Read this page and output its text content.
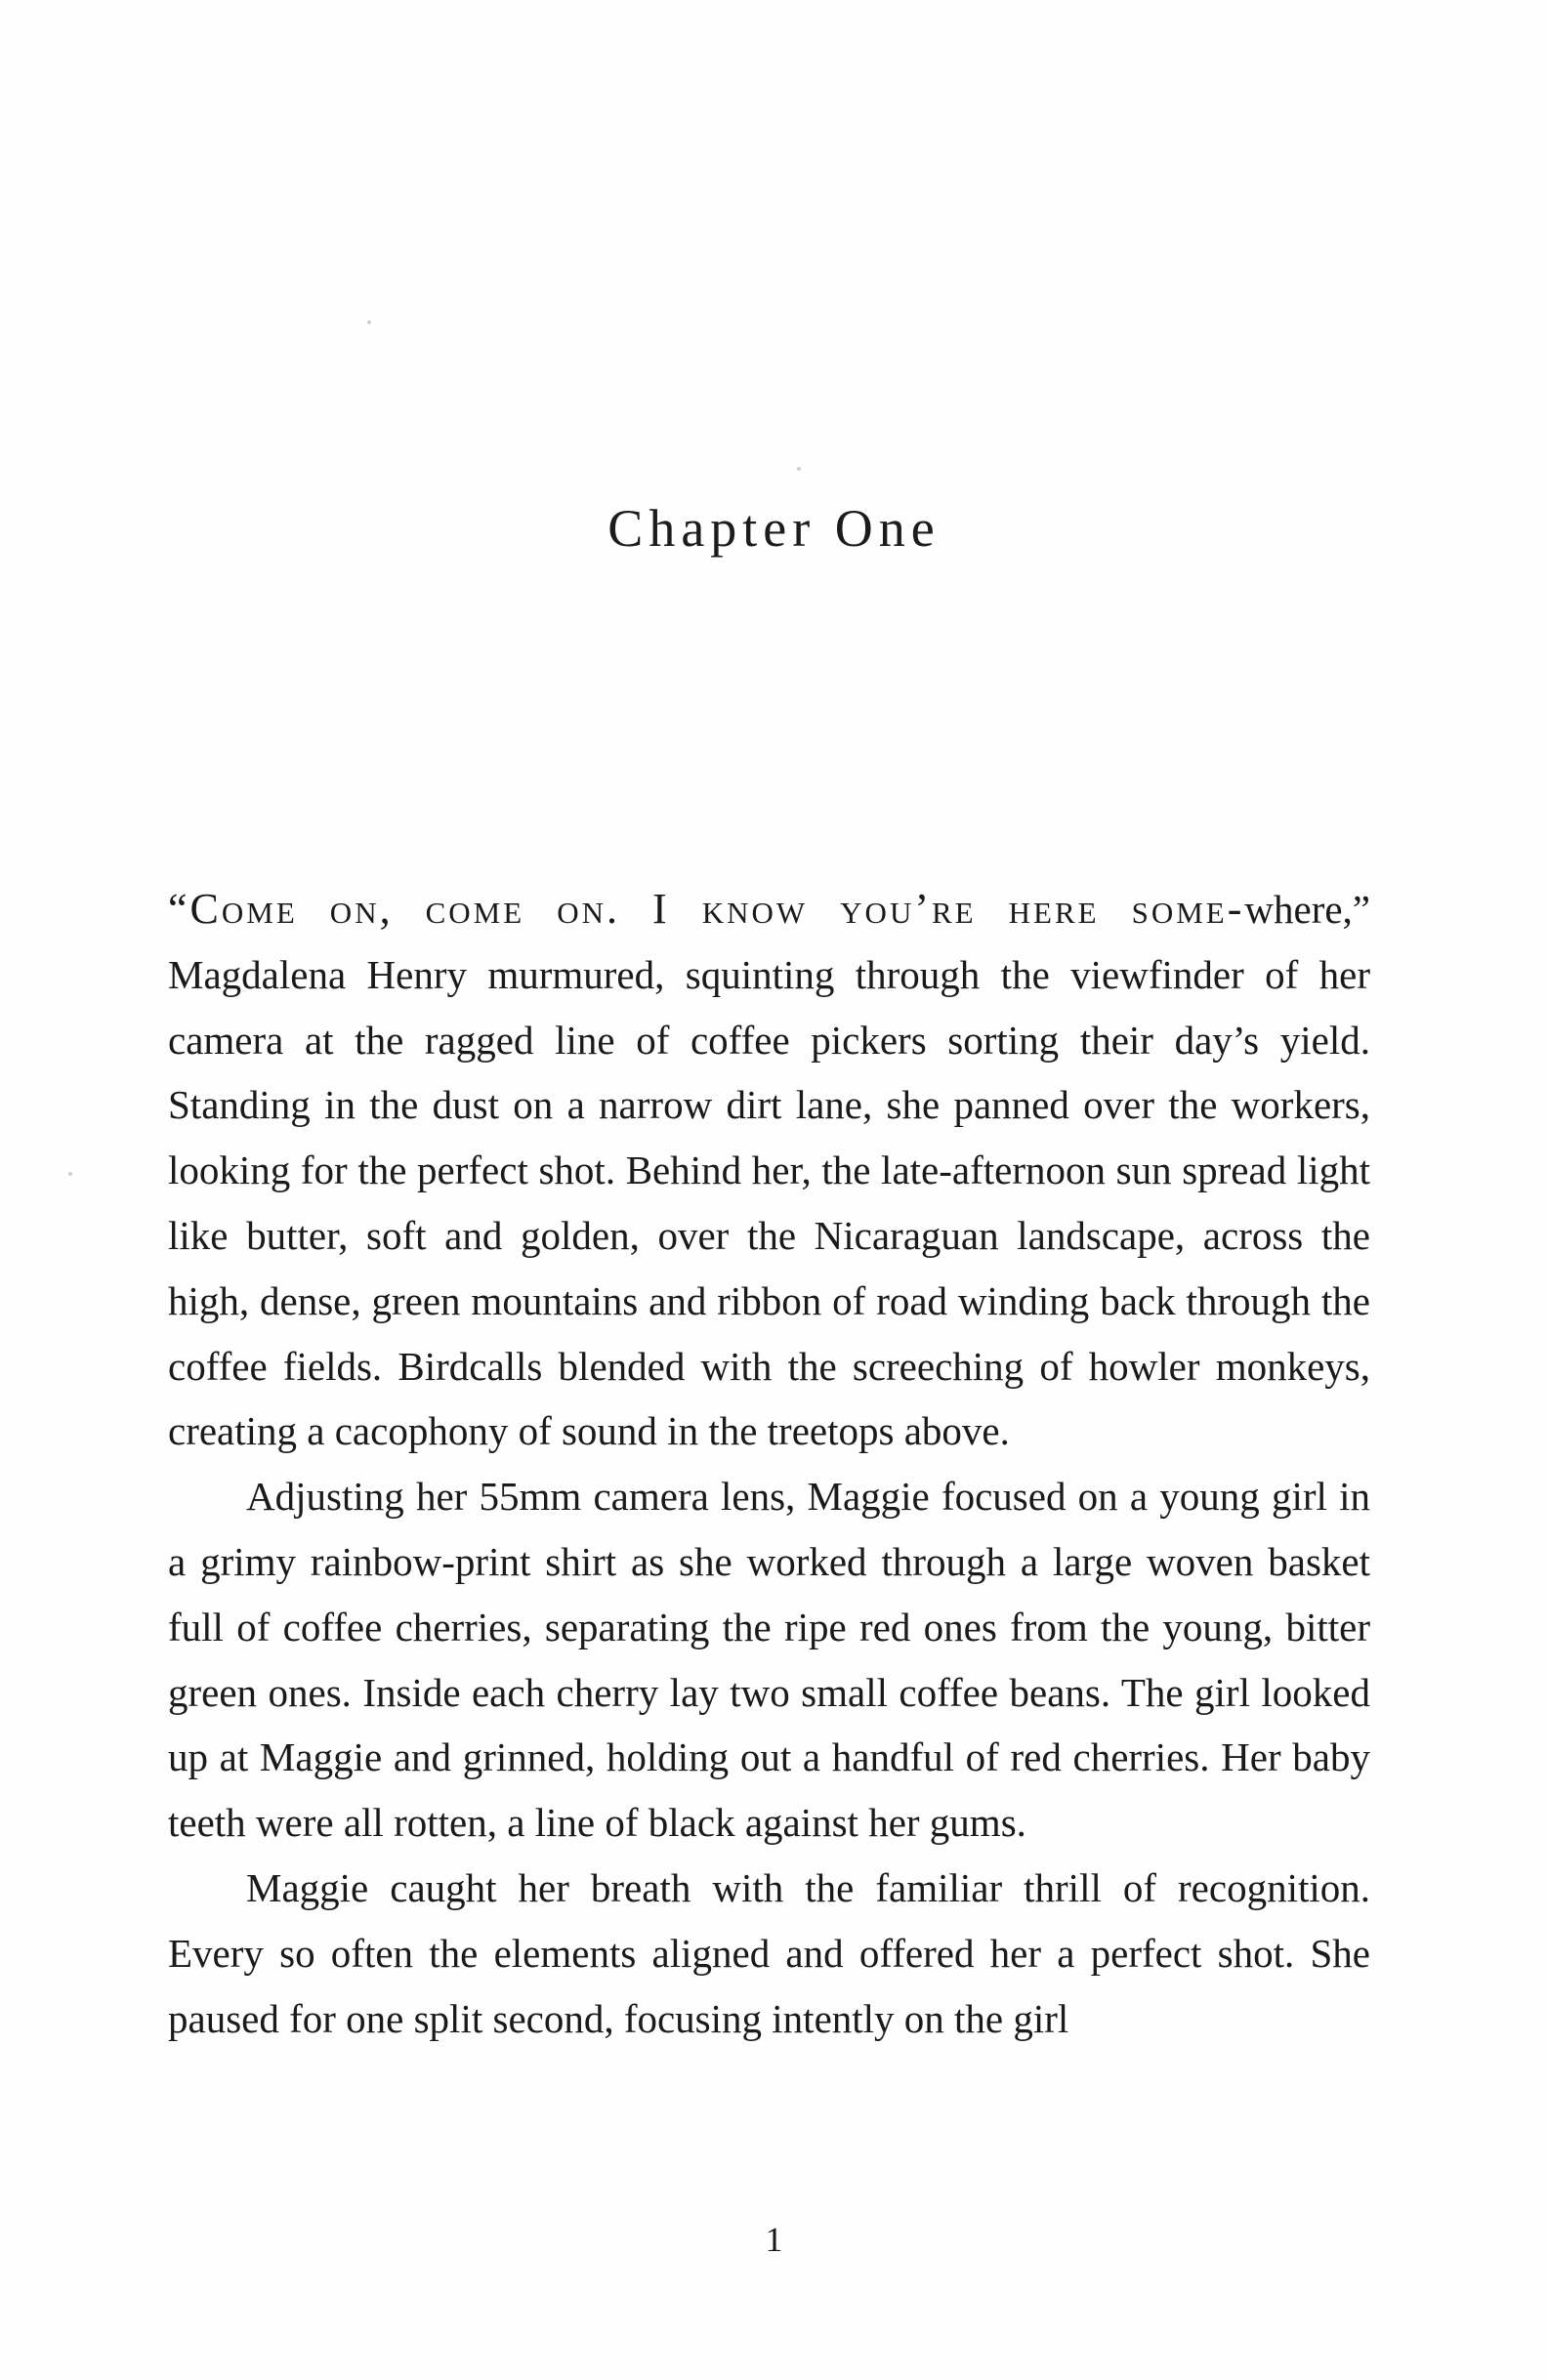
Chapter One

“Come on, come on. I know you’re here some-where,” Magdalena Henry murmured, squinting through the viewfinder of her camera at the ragged line of coffee pickers sorting their day’s yield. Standing in the dust on a narrow dirt lane, she panned over the workers, looking for the perfect shot. Behind her, the late-afternoon sun spread light like butter, soft and golden, over the Nicaraguan landscape, across the high, dense, green mountains and ribbon of road winding back through the coffee fields. Birdcalls blended with the screeching of howler monkeys, creating a cacophony of sound in the treetops above.

Adjusting her 55mm camera lens, Maggie focused on a young girl in a grimy rainbow-print shirt as she worked through a large woven basket full of coffee cherries, separating the ripe red ones from the young, bitter green ones. Inside each cherry lay two small coffee beans. The girl looked up at Maggie and grinned, holding out a handful of red cherries. Her baby teeth were all rotten, a line of black against her gums.

Maggie caught her breath with the familiar thrill of recognition. Every so often the elements aligned and offered her a perfect shot. She paused for one split second, focusing intently on the girl

1
